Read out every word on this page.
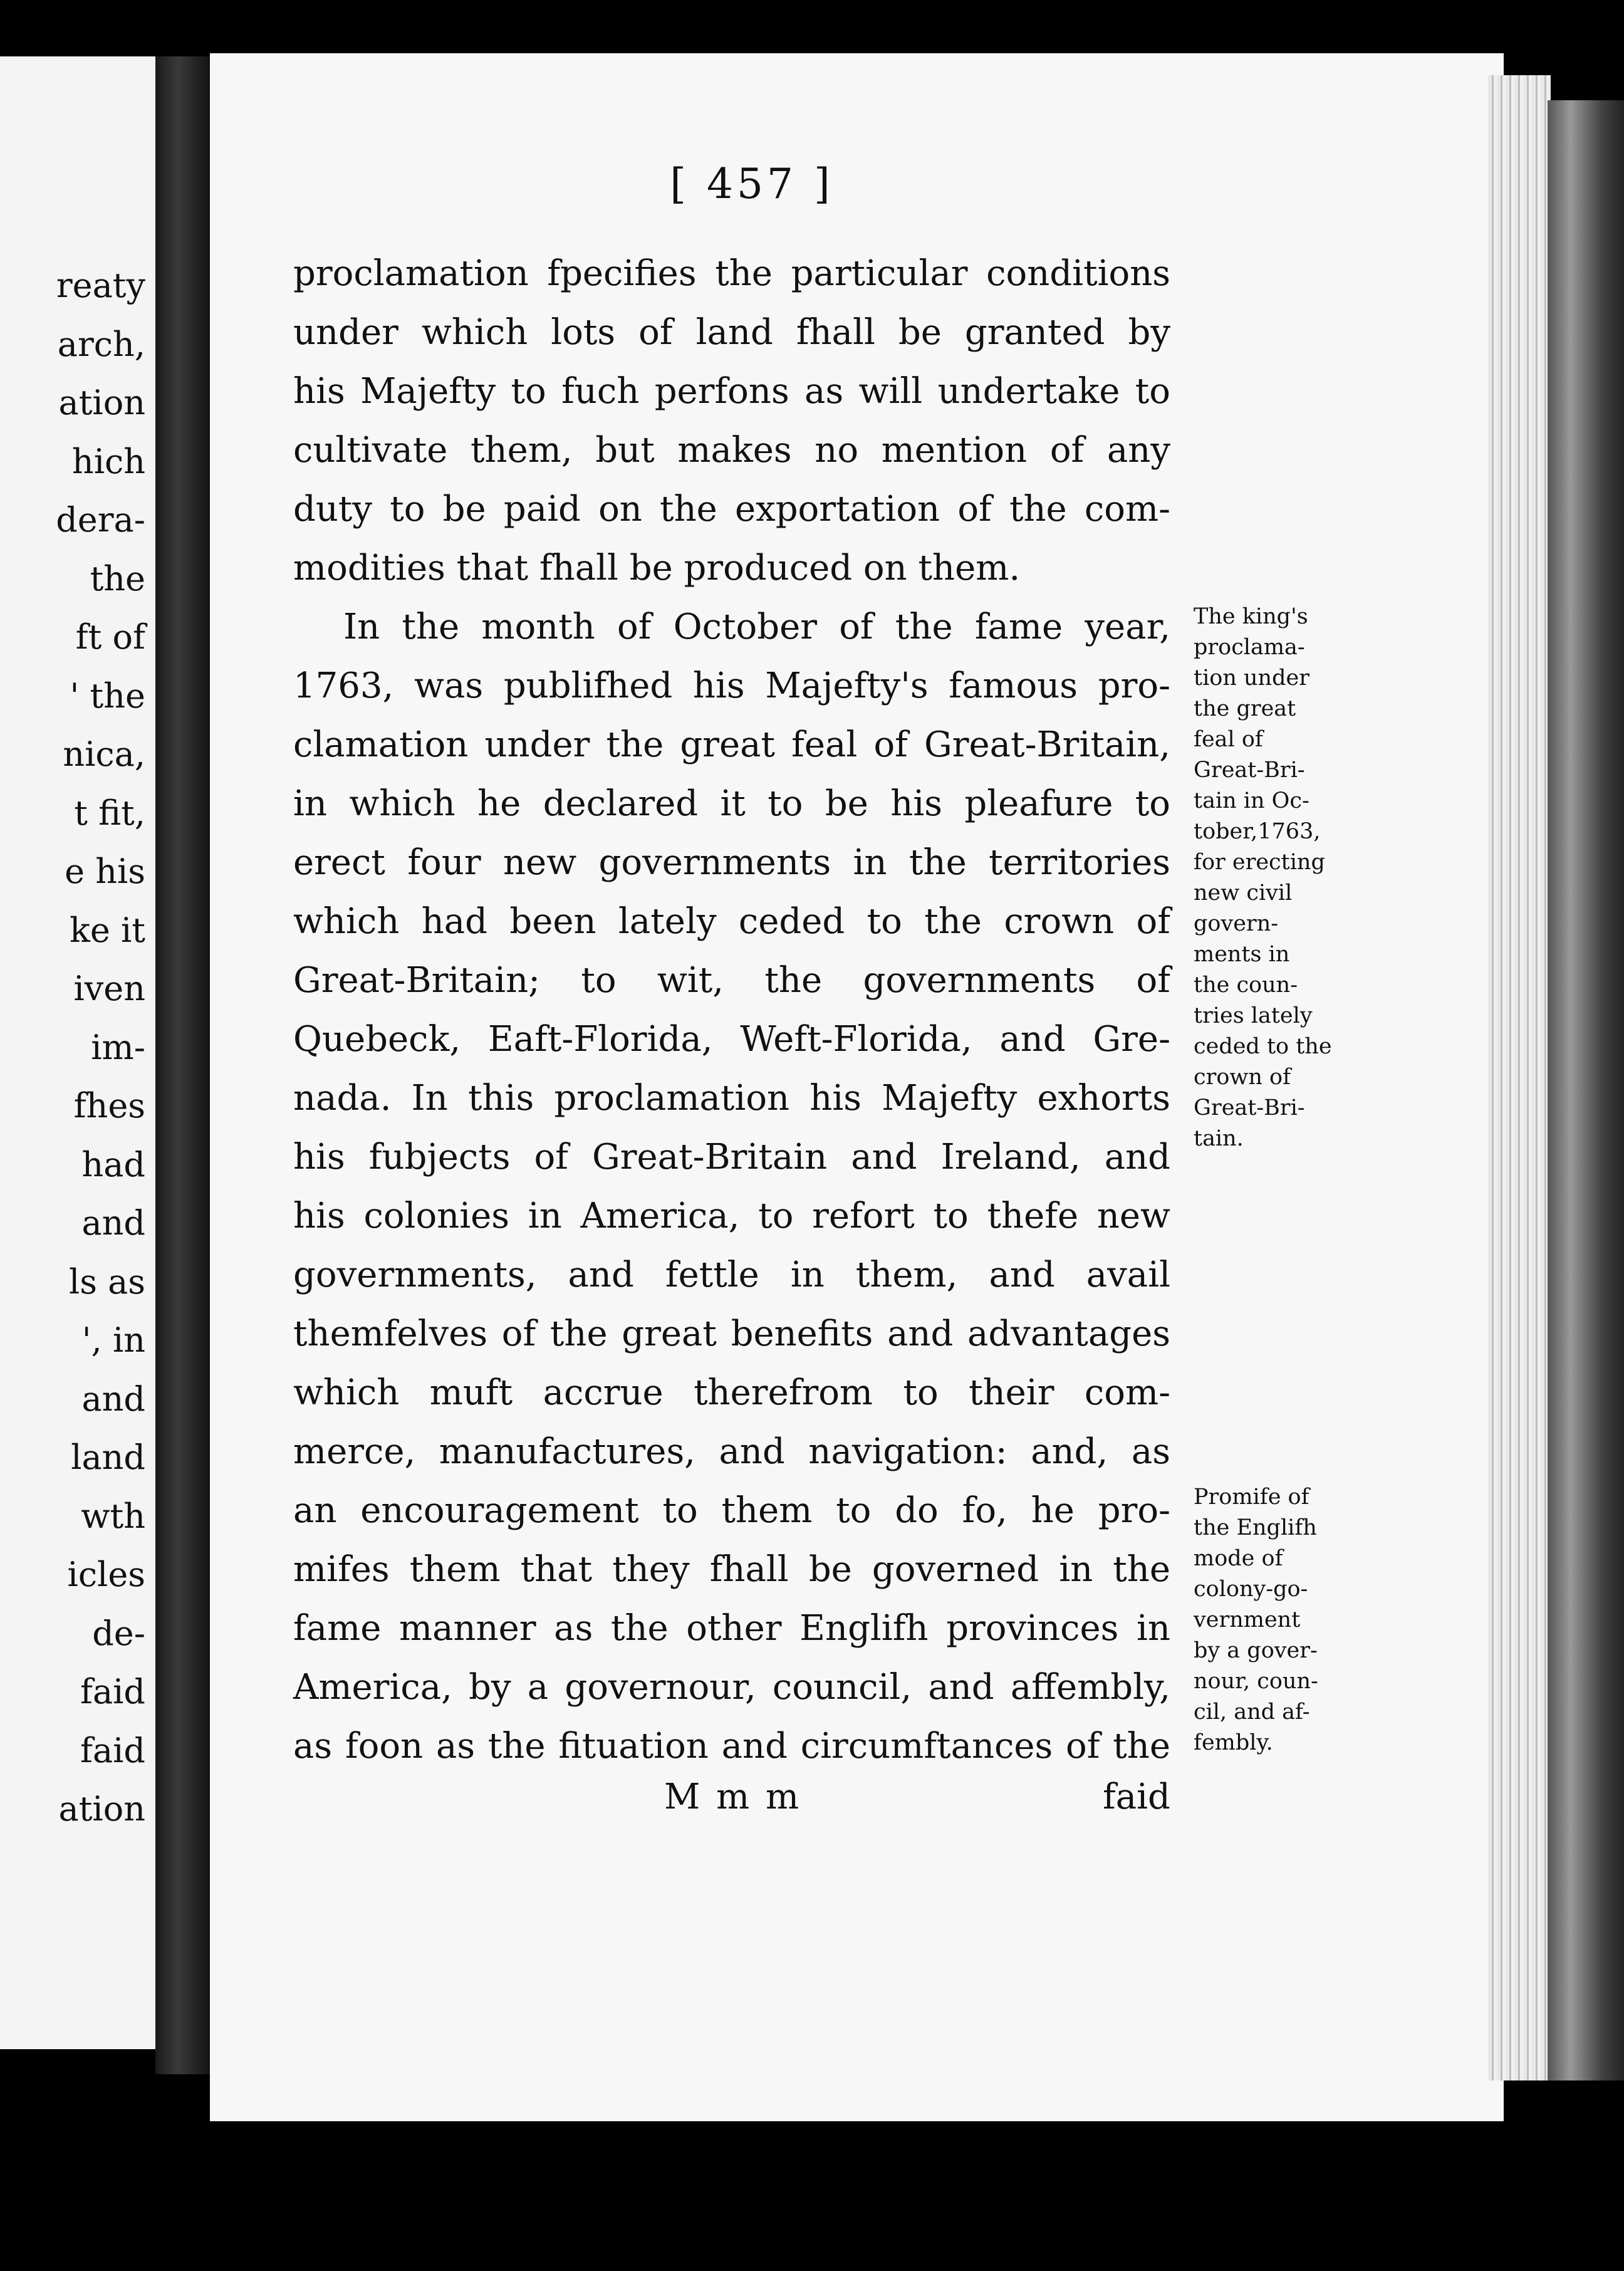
reaty
arch,
ation
hich
dera-
the
ft of
' the
nica,
t fit,
e his
ke it
iven
im-
fhes
had
and
ls as
', in
and
land
wth
icles
de-
faid
faid
ation
[ 457 ]
proclamation fpecifies the particular conditions
under which lots of land fhall be granted by
his Majefty to fuch perfons as will undertake to
cultivate them, but makes no mention of any
duty to be paid on the exportation of the com-
modities that fhall be produced on them.
In the month of October of the fame year,
1763, was publifhed his Majefty's famous pro-
clamation under the great feal of Great-Britain,
in which he declared it to be his pleafure to
erect four new governments in the territories
which had been lately ceded to the crown of
Great-Britain; to wit, the governments of
Quebeck, Eaft-Florida, Weft-Florida, and Gre-
nada. In this proclamation his Majefty exhorts
his fubjects of Great-Britain and Ireland, and
his colonies in America, to refort to thefe new
governments, and fettle in them, and avail
themfelves of the great benefits and advantages
which muft accrue therefrom to their com-
merce, manufactures, and navigation: and, as
an encouragement to them to do fo, he pro-
mifes them that they fhall be governed in the
fame manner as the other Englifh provinces in
America, by a governour, council, and affembly,
as foon as the fituation and circumftances of the
The king's
proclama-
tion under
the great
feal of
Great-Bri-
tain in Oc-
tober,1763,
for erecting
new civil
govern-
ments in
the coun-
tries lately
ceded to the
crown of
Great-Bri-
tain.
Promife of
the Englifh
mode of
colony-go-
vernment
by a gover-
nour, coun-
cil, and af-
fembly.
M m m	faid
